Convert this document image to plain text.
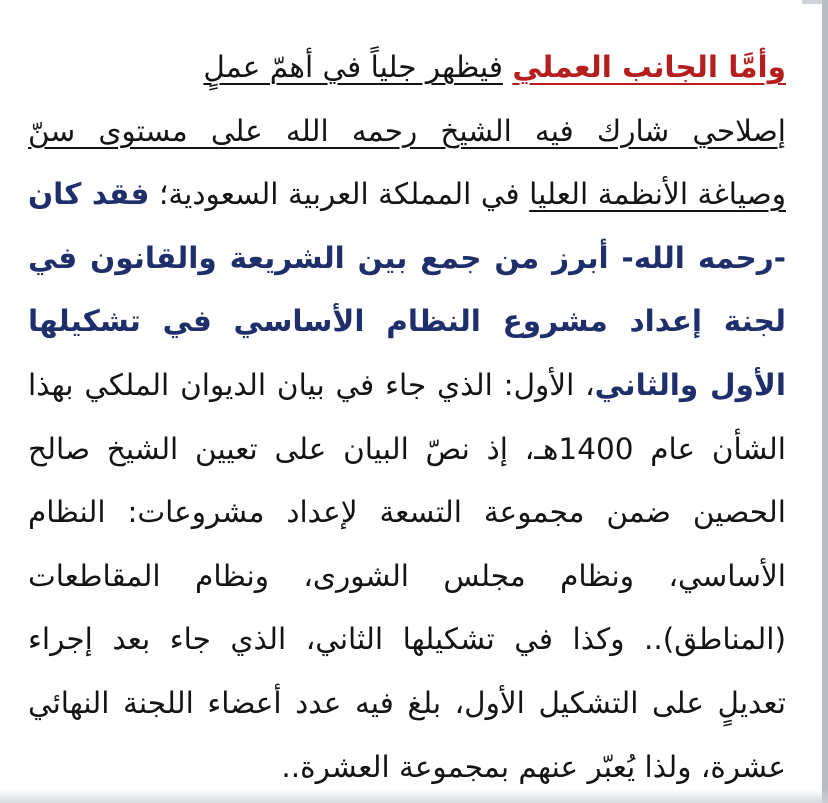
وأمَّا الجانب العملي فيظهر جلياً في أهمّ عملٍ
إصلاحي شارك فيه الشيخ رحمه الله على مستوى سنّ
وصياغة الأنظمة العليا في المملكة العربية السعودية؛ فقد كان
-رحمه الله- أبرز من جمع بين الشريعة والقانون في
لجنة إعداد مشروع النظام الأساسي في تشكيلها
الأول والثاني، الأول: الذي جاء في بيان الديوان الملكي بهذا
الشأن عام 1400هـ، إذ نصّ البيان على تعيين الشيخ صالح
الحصين ضمن مجموعة التسعة لإعداد مشروعات: النظام
الأساسي، ونظام مجلس الشورى، ونظام المقاطعات
(المناطق).. وكذا في تشكيلها الثاني، الذي جاء بعد إجراء
تعديلٍ على التشكيل الأول، بلغ فيه عدد أعضاء اللجنة النهائي
عشرة، ولذا يُعبّر عنهم بمجموعة العشرة..
